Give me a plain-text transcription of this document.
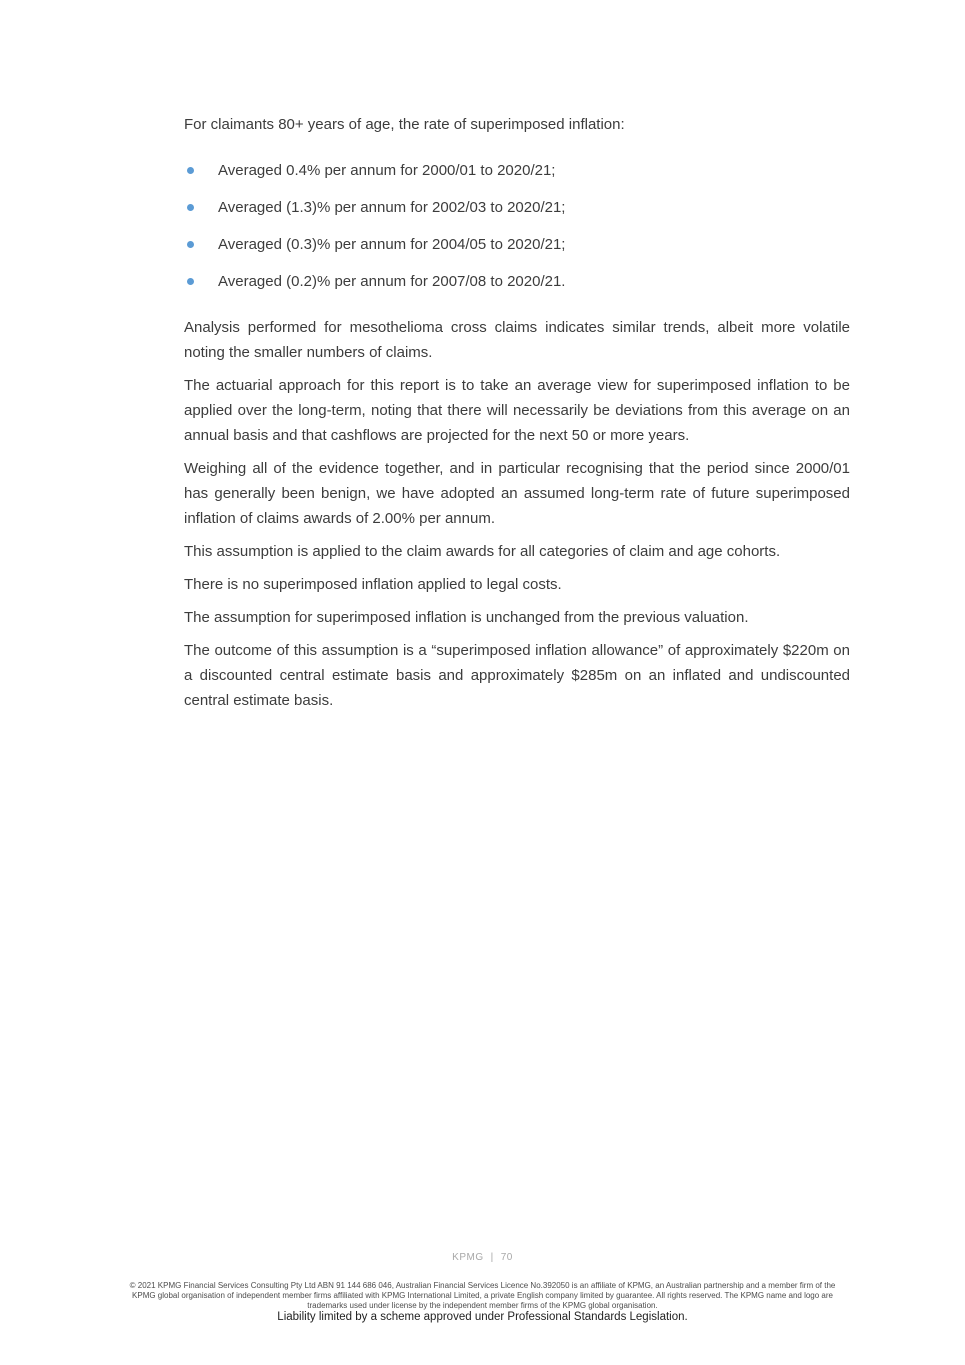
For claimants 80+ years of age, the rate of superimposed inflation:

Averaged 0.4% per annum for 2000/01 to 2020/21;
Averaged (1.3)% per annum for 2002/03 to 2020/21;
Averaged (0.3)% per annum for 2004/05 to 2020/21;
Averaged (0.2)% per annum for 2007/08 to 2020/21.

Analysis performed for mesothelioma cross claims indicates similar trends, albeit more volatile noting the smaller numbers of claims.

The actuarial approach for this report is to take an average view for superimposed inflation to be applied over the long-term, noting that there will necessarily be deviations from this average on an annual basis and that cashflows are projected for the next 50 or more years.

Weighing all of the evidence together, and in particular recognising that the period since 2000/01 has generally been benign, we have adopted an assumed long-term rate of future superimposed inflation of claims awards of 2.00% per annum.

This assumption is applied to the claim awards for all categories of claim and age cohorts.

There is no superimposed inflation applied to legal costs.

The assumption for superimposed inflation is unchanged from the previous valuation.

The outcome of this assumption is a “superimposed inflation allowance” of approximately $220m on a discounted central estimate basis and approximately $285m on an inflated and undiscounted central estimate basis.

KPMG | 70
© 2021 KPMG Financial Services Consulting Pty Ltd ABN 91 144 686 046, Australian Financial Services Licence No.392050 is an affiliate of KPMG, an Australian partnership and a member firm of the KPMG global organisation of independent member firms affiliated with KPMG International Limited, a private English company limited by guarantee. All rights reserved. The KPMG name and logo are trademarks used under license by the independent member firms of the KPMG global organisation.
Liability limited by a scheme approved under Professional Standards Legislation.
